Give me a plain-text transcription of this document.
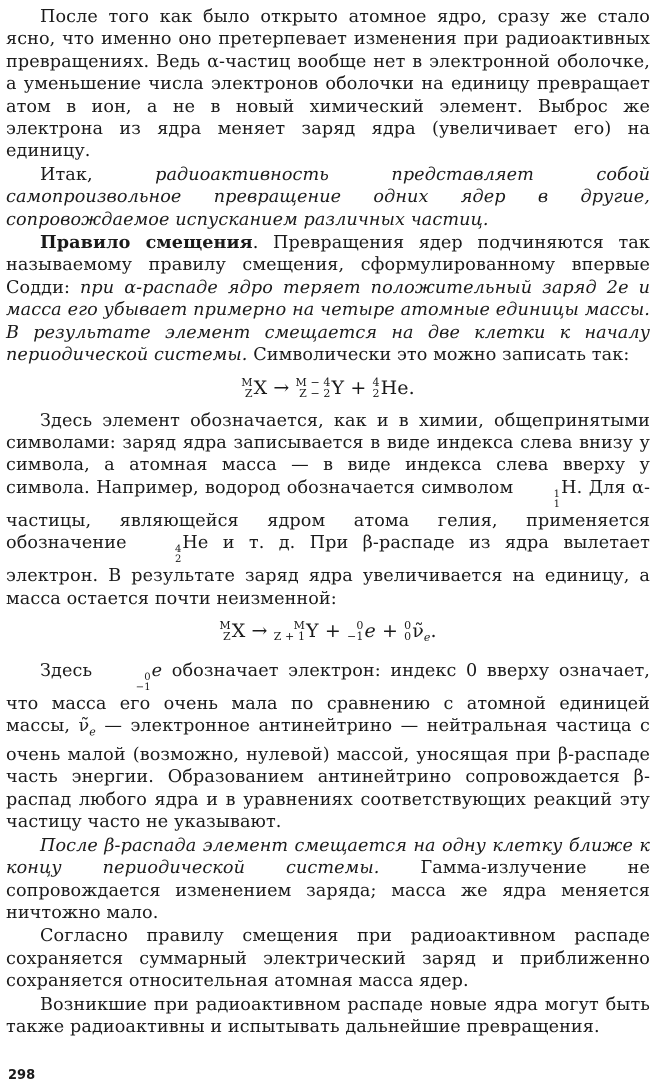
После того как было открыто атомное ядро, сразу же стало ясно, что именно оно претерпевает изменения при радиоактивных превращениях. Ведь α-частиц вообще нет в электронной оболочке, а уменьшение числа электронов оболочки на единицу превращает атом в ион, а не в новый химический элемент. Выброс же электрона из ядра меняет заряд ядра (увеличивает его) на единицу.

Итак, радиоактивность представляет собой самопроизвольное превращение одних ядер в другие, сопровождаемое испусканием различных частиц.

Правило смещения. Превращения ядер подчиняются так называемому правилу смещения, сформулированному впервые Содди: при α-распаде ядро теряет положительный заряд 2e и масса его убывает примерно на четыре атомные единицы массы. В результате элемент смещается на две клетки к началу периодической системы. Символически это можно записать так:

M
Z X → M − 4
Z − 2 Y + 4
2 He.

Здесь элемент обозначается, как и в химии, общепринятыми символами: заряд ядра записывается в виде индекса слева внизу у символа, а атомная масса — в виде индекса слева вверху у символа. Например, водород обозначается символом	1
1
H. Для α-частицы, являющейся ядром атома гелия, применяется обозначение	4
2
He и т. д. При β-распаде из ядра вылетает электрон. В результате заряд ядра увеличивается на единицу, а масса остается почти неизменной:

M
Z X → M
Z + 1 Y + 0
−1 e + 0
0 $\nũ_e$.

Здесь	0
−1
e обозначает электрон: индекс 0 вверху означает, что масса его очень мала по сравнению с атомной единицей массы, $\nũ_e$ — электронное антинейтрино — нейтральная частица с очень малой (возможно, нулевой) массой, уносящая при β-распаде часть энергии. Образованием антинейтрино сопровождается β-распад любого ядра и в уравнениях соответствующих реакций эту частицу часто не указывают.

После β-распада элемент смещается на одну клетку ближе к концу периодической системы. Гамма-излучение не сопровождается изменением заряда; масса же ядра меняется ничтожно мало.

Согласно правилу смещения при радиоактивном распаде сохраняется суммарный электрический заряд и приближенно сохраняется относительная атомная масса ядер.

Возникшие при радиоактивном распаде новые ядра могут быть также радиоактивны и испытывать дальнейшие превращения.

298
